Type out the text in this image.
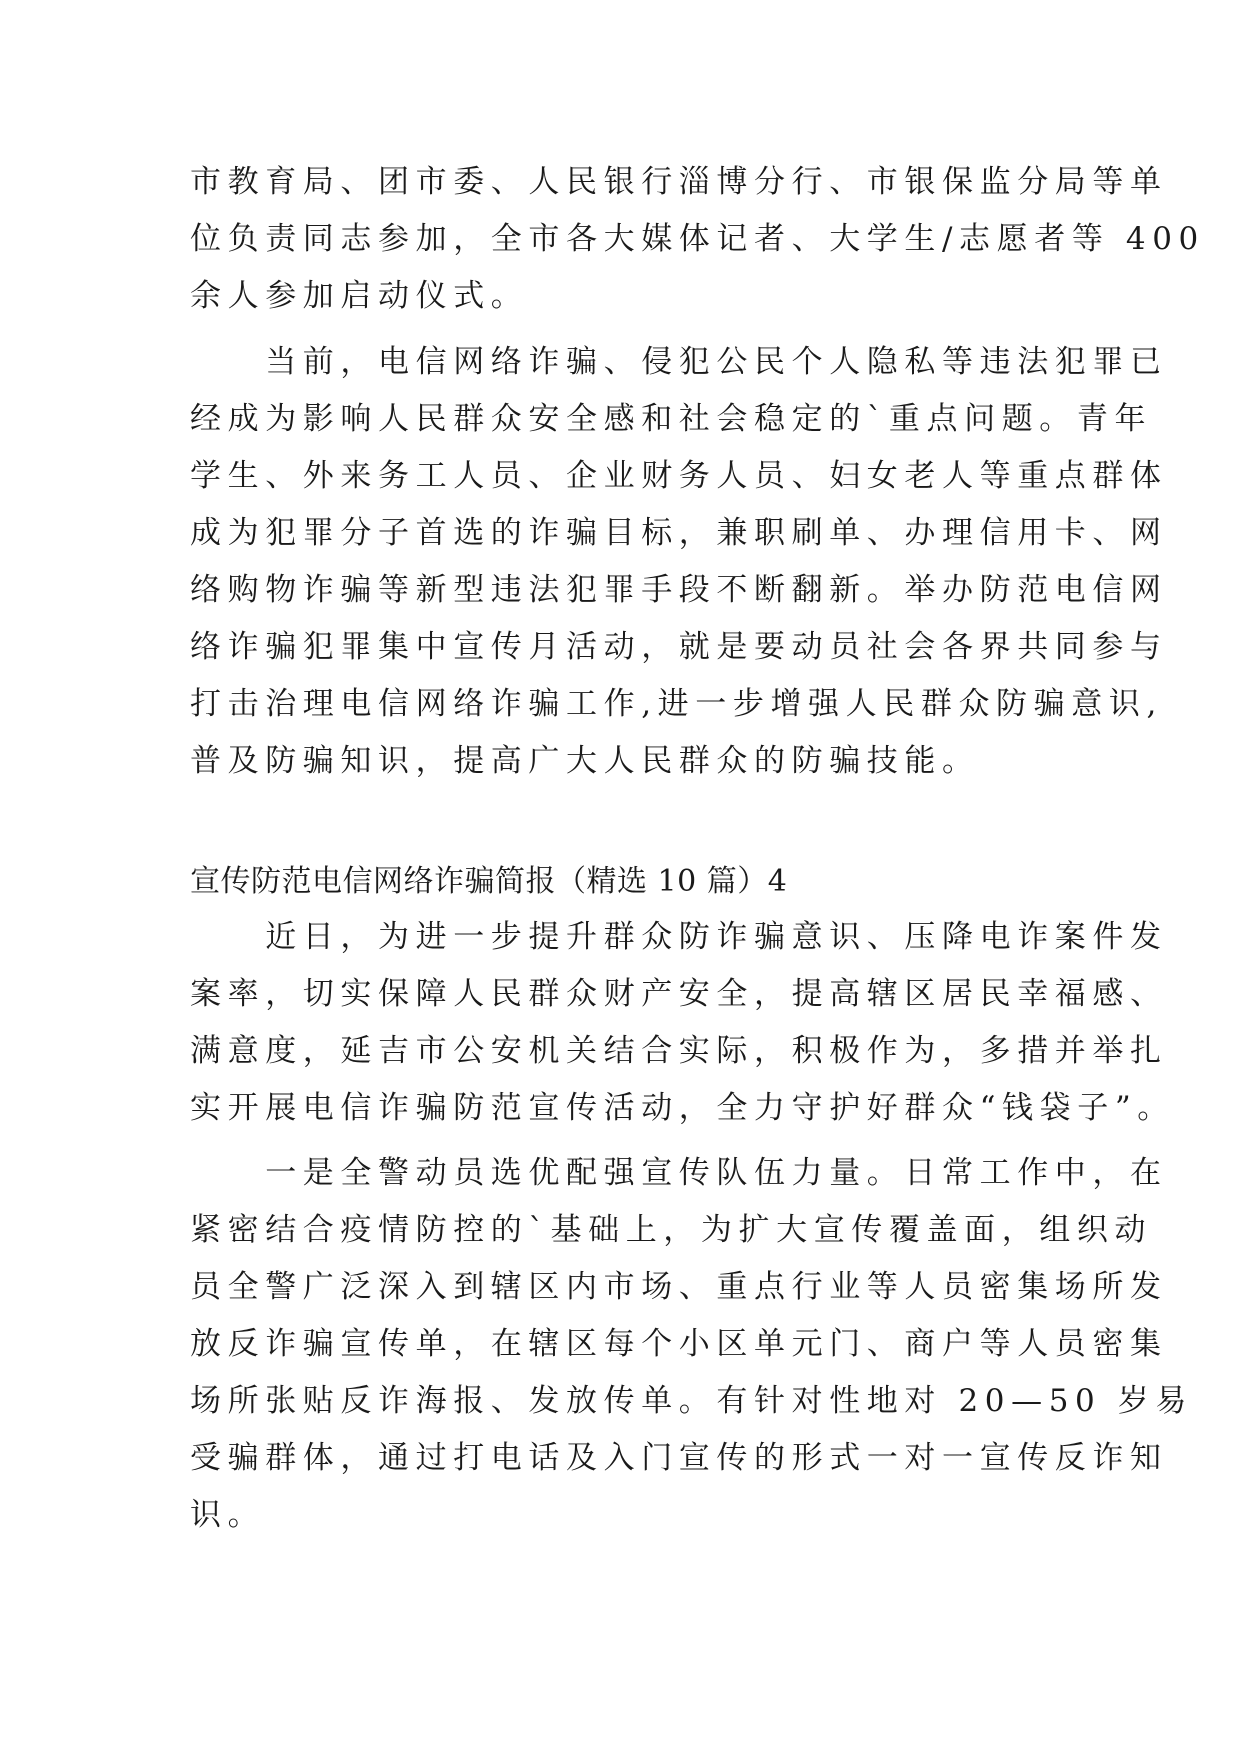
市教育局、团市委、人民银行淄博分行、市银保监分局等单
位负责同志参加，全市各大媒体记者、大学生/志愿者等 400
余人参加启动仪式。
　　当前，电信网络诈骗、侵犯公民个人隐私等违法犯罪已
经成为影响人民群众安全感和社会稳定的`重点问题。青年
学生、外来务工人员、企业财务人员、妇女老人等重点群体
成为犯罪分子首选的诈骗目标，兼职刷单、办理信用卡、网
络购物诈骗等新型违法犯罪手段不断翻新。举办防范电信网
络诈骗犯罪集中宣传月活动，就是要动员社会各界共同参与
打击治理电信网络诈骗工作,进一步增强人民群众防骗意识,
普及防骗知识，提高广大人民群众的防骗技能。
宣传防范电信网络诈骗简报（精选 10 篇）4
　　近日，为进一步提升群众防诈骗意识、压降电诈案件发
案率，切实保障人民群众财产安全，提高辖区居民幸福感、
满意度，延吉市公安机关结合实际，积极作为，多措并举扎
实开展电信诈骗防范宣传活动，全力守护好群众“钱袋子”。
　　一是全警动员选优配强宣传队伍力量。日常工作中，在
紧密结合疫情防控的`基础上，为扩大宣传覆盖面，组织动
员全警广泛深入到辖区内市场、重点行业等人员密集场所发
放反诈骗宣传单，在辖区每个小区单元门、商户等人员密集
场所张贴反诈海报、发放传单。有针对性地对 20—50 岁易
受骗群体，通过打电话及入门宣传的形式一对一宣传反诈知
识。
